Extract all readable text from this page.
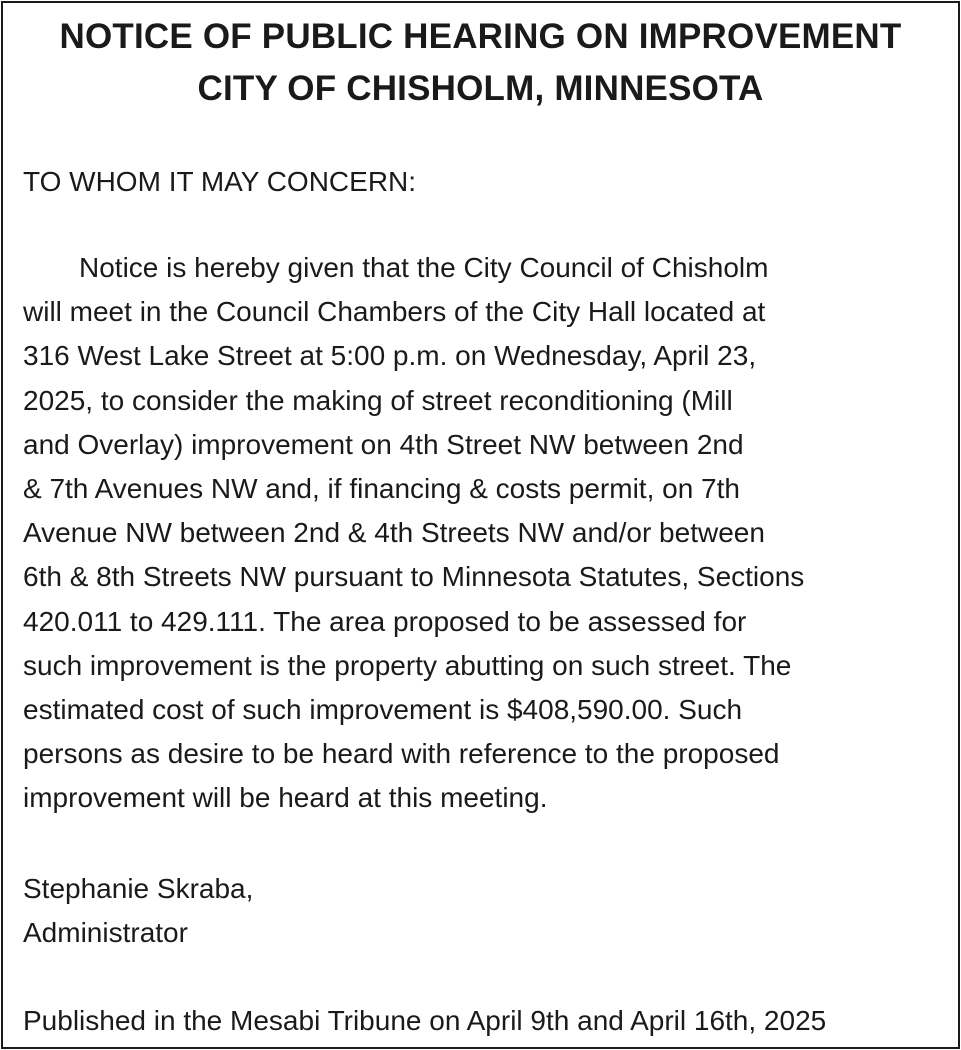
NOTICE OF PUBLIC HEARING ON IMPROVEMENT
CITY OF CHISHOLM, MINNESOTA
TO WHOM IT MAY CONCERN:

Notice is hereby given that the City Council of Chisholm
will meet in the Council Chambers of the City Hall located at
316 West Lake Street at 5:00 p.m. on Wednesday, April 23,
2025, to consider the making of street reconditioning (Mill
and Overlay) improvement on 4th Street NW between 2nd
& 7th Avenues NW and, if financing & costs permit, on 7th
Avenue NW between 2nd & 4th Streets NW and/or between
6th & 8th Streets NW pursuant to Minnesota Statutes, Sections
420.011 to 429.111. The area proposed to be assessed for
such improvement is the property abutting on such street. The
estimated cost of such improvement is $408,590.00. Such
persons as desire to be heard with reference to the proposed
improvement will be heard at this meeting.

Stephanie Skraba,
Administrator
Published in the Mesabi Tribune on April 9th and April 16th, 2025
